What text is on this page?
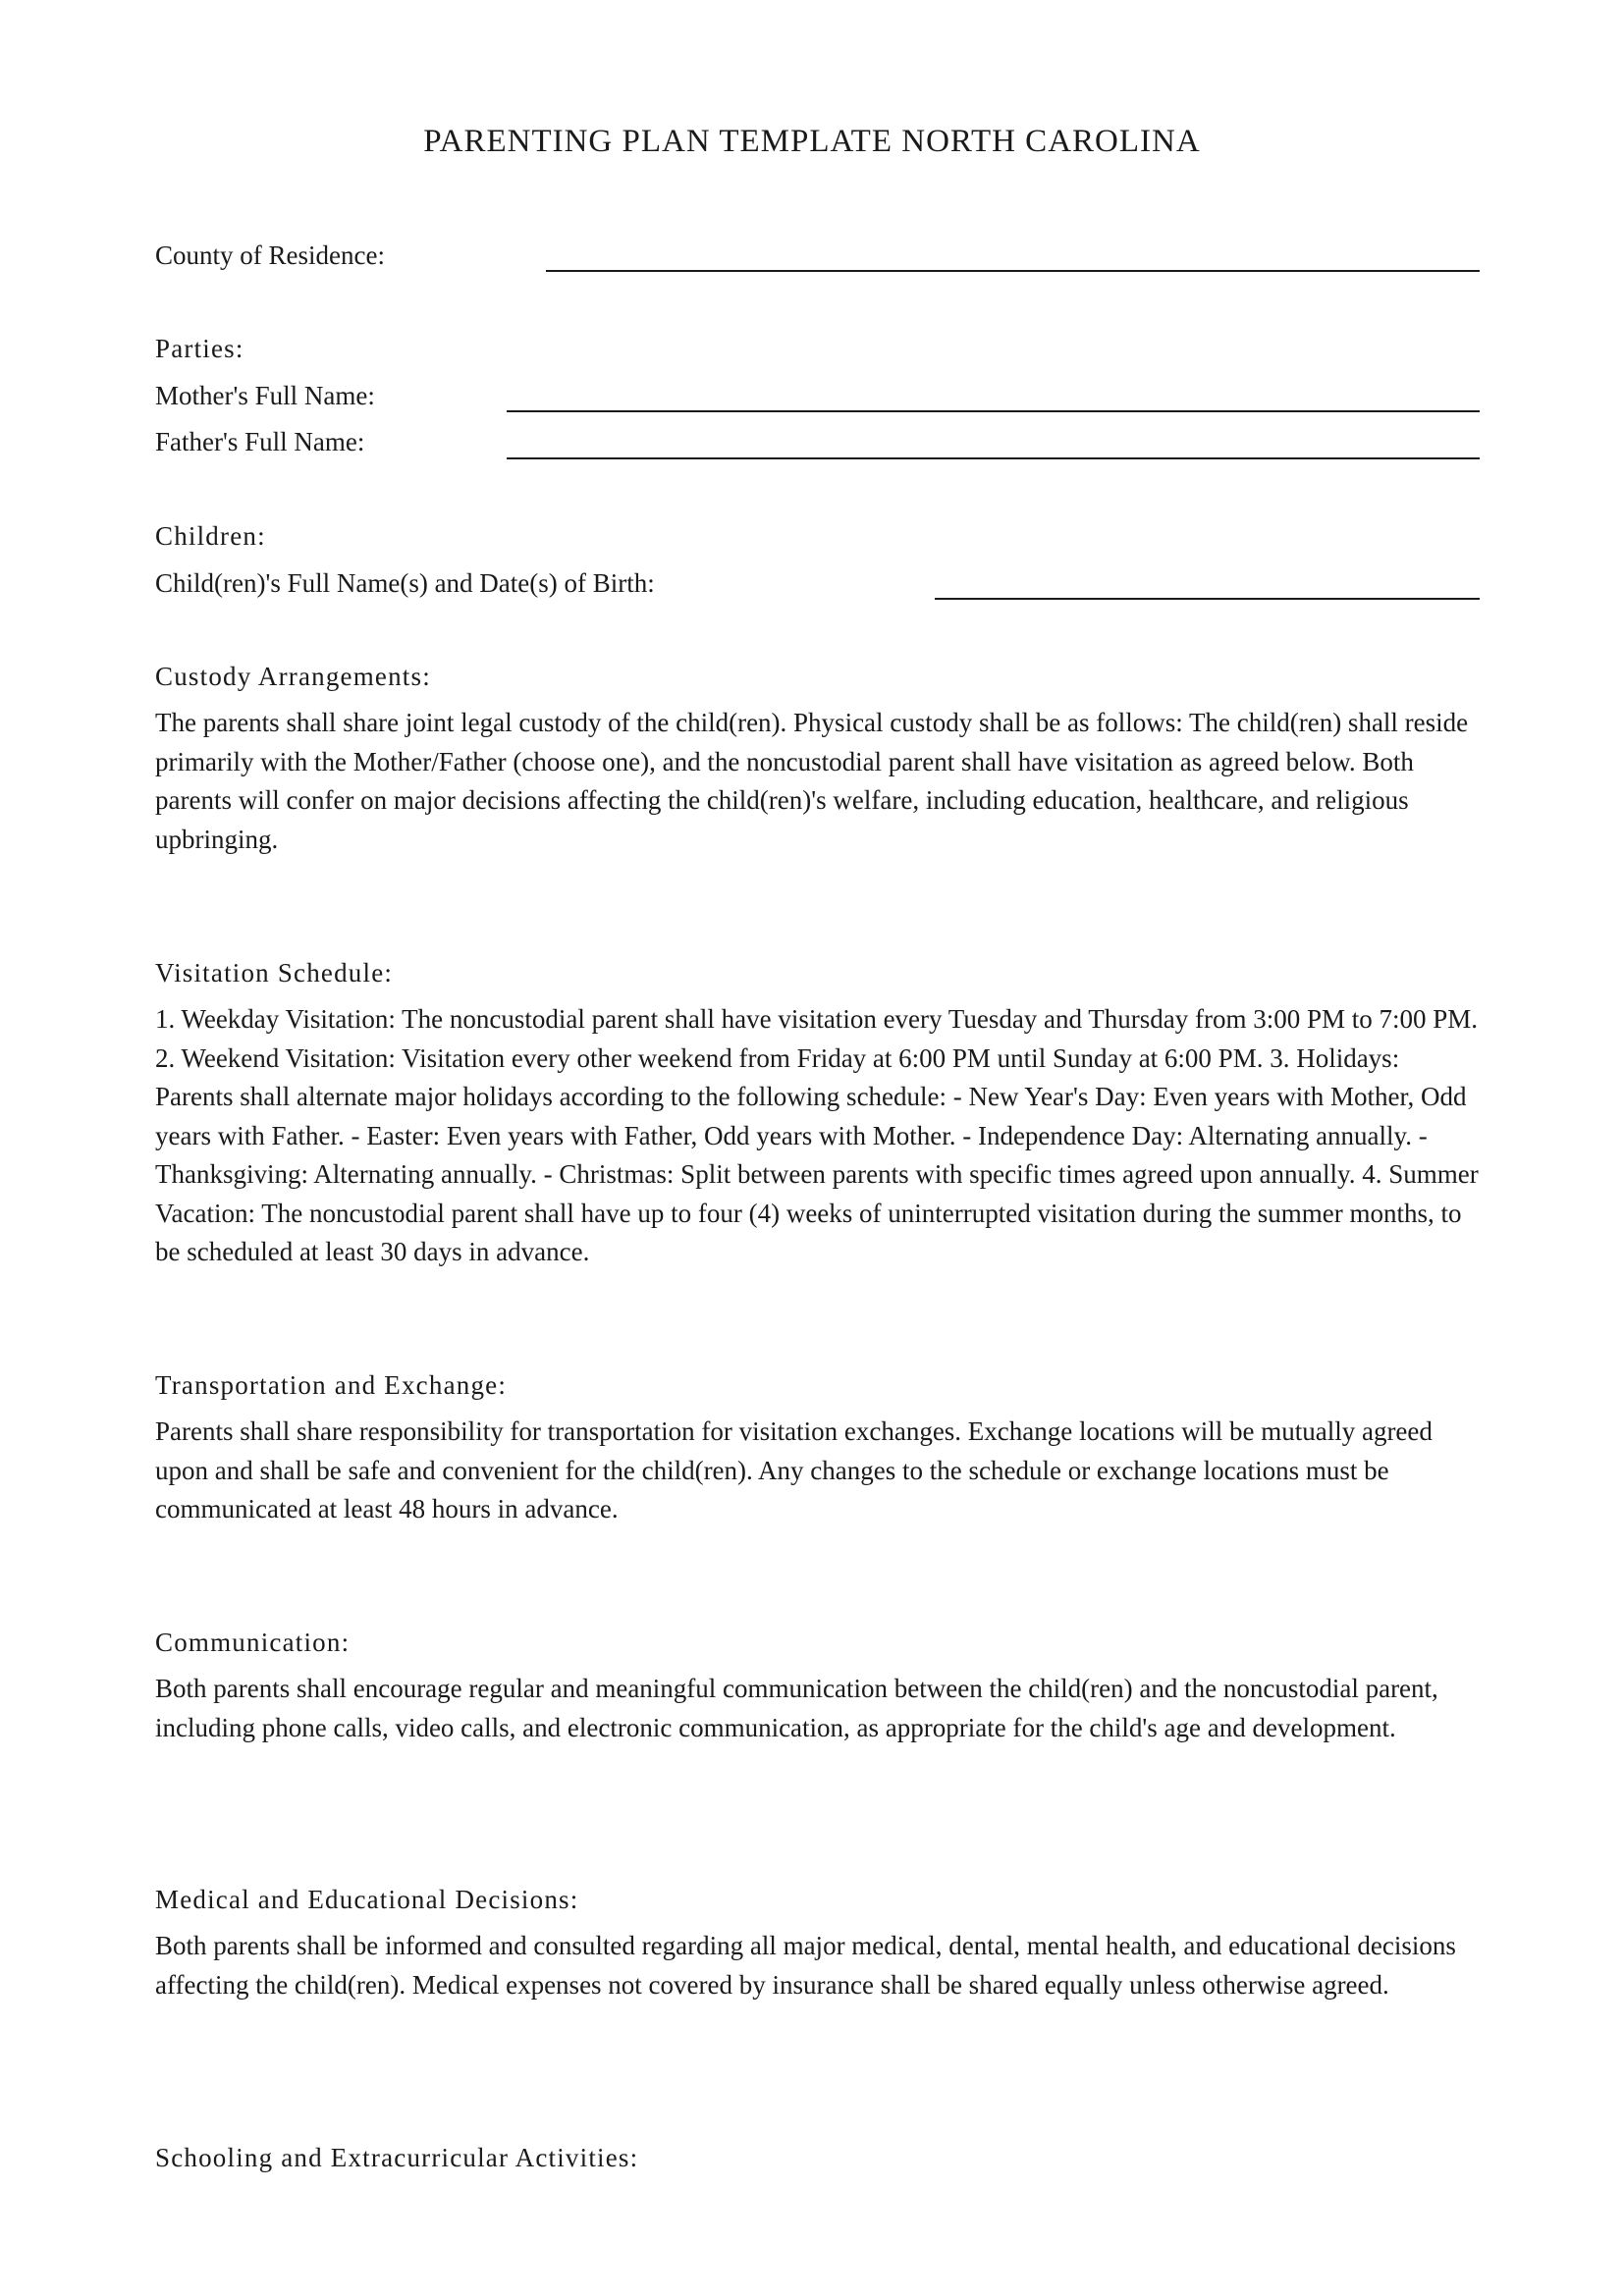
PARENTING PLAN TEMPLATE NORTH CAROLINA
County of Residence:
Parties:
Mother's Full Name:
Father's Full Name:
Children:
Child(ren)'s Full Name(s) and Date(s) of Birth:
Custody Arrangements:

The parents shall share joint legal custody of the child(ren). Physical custody shall be as follows: The child(ren) shall reside primarily with the Mother/Father (choose one), and the noncustodial parent shall have visitation as agreed below. Both parents will confer on major decisions affecting the child(ren)'s welfare, including education, healthcare, and religious upbringing.

Visitation Schedule:

1. Weekday Visitation: The noncustodial parent shall have visitation every Tuesday and Thursday from 3:00 PM to 7:00 PM. 2. Weekend Visitation: Visitation every other weekend from Friday at 6:00 PM until Sunday at 6:00 PM. 3. Holidays: Parents shall alternate major holidays according to the following schedule: - New Year's Day: Even years with Mother, Odd years with Father. - Easter: Even years with Father, Odd years with Mother. - Independence Day: Alternating annually. - Thanksgiving: Alternating annually. - Christmas: Split between parents with specific times agreed upon annually. 4. Summer Vacation: The noncustodial parent shall have up to four (4) weeks of uninterrupted visitation during the summer months, to be scheduled at least 30 days in advance.

Transportation and Exchange:

Parents shall share responsibility for transportation for visitation exchanges. Exchange locations will be mutually agreed upon and shall be safe and convenient for the child(ren). Any changes to the schedule or exchange locations must be communicated at least 48 hours in advance.

Communication:

Both parents shall encourage regular and meaningful communication between the child(ren) and the noncustodial parent, including phone calls, video calls, and electronic communication, as appropriate for the child's age and development.

Medical and Educational Decisions:

Both parents shall be informed and consulted regarding all major medical, dental, mental health, and educational decisions affecting the child(ren). Medical expenses not covered by insurance shall be shared equally unless otherwise agreed.

Schooling and Extracurricular Activities:
